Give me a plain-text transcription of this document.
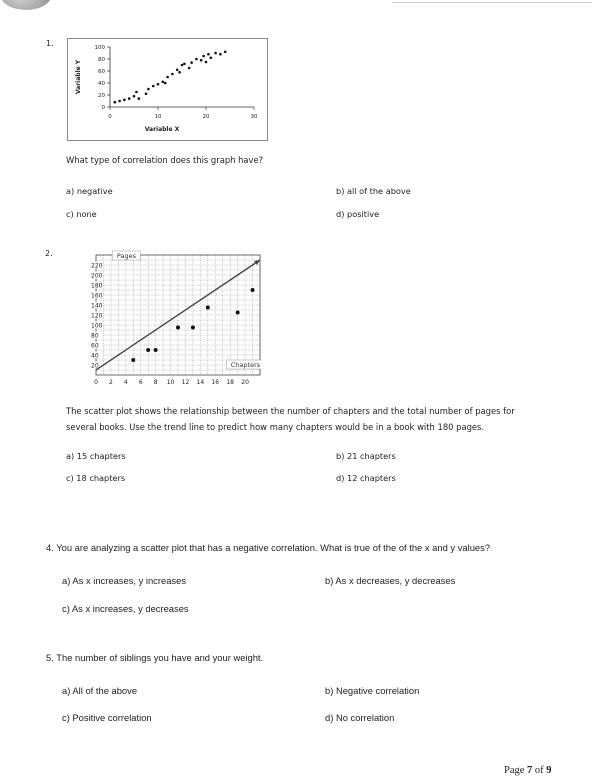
1.
0
20
40
60
80
100
0	10	20	30
Variable X
Variable Y
What type of correlation does this graph have?
a) negative	b) all of the above
c) none	d) positive
2.
20
40
60
80
100
120
140
160
180
200
220
0 2 4 6 8 10 12 14 16 18 20
Pages
Chapters
The scatter plot shows the relationship between the number of chapters and the total number of pages for
several books. Use the trend line to predict how many chapters would be in a book with 180 pages.
a) 15 chapters	b) 21 chapters
c) 18 chapters	d) 12 chapters
4. You are analyzing a scatter plot that has a negative correlation. What is true of the of the x and y values?
a) As x increases, y increases	b) As x decreases, y decreases
c) As x increases, y decreases
5. The number of siblings you have and your weight.
a) All of the above	b) Negative correlation
c) Positive correlation	d) No correlation
Page 7 of 9
